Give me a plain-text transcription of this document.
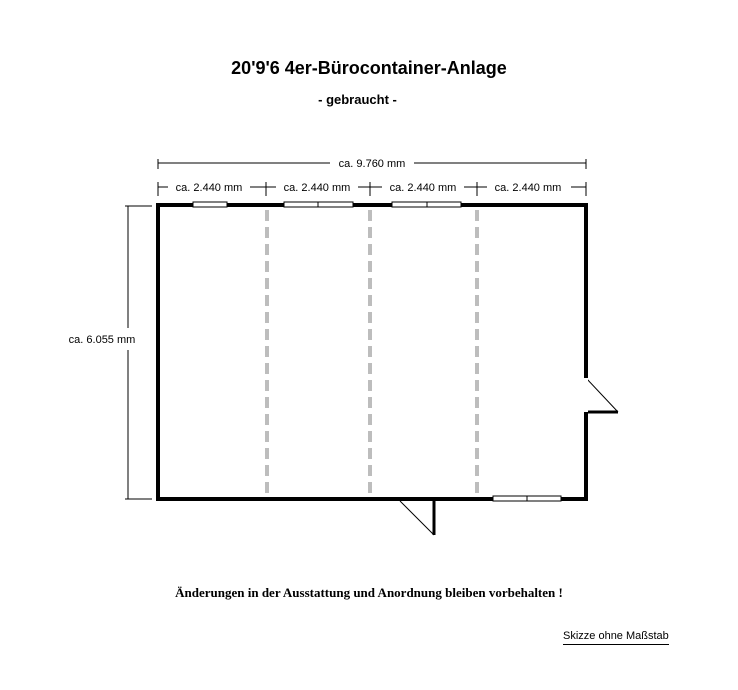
20'9'6 4er-Bürocontainer-Anlage
- gebraucht -
ca. 9.760 mm
ca. 2.440 mm	ca. 2.440 mm	ca. 2.440 mm	ca. 2.440 mm
ca. 6.055 mm
Änderungen in der Ausstattung und Anordnung bleiben vorbehalten !
Skizze ohne Maßstab
